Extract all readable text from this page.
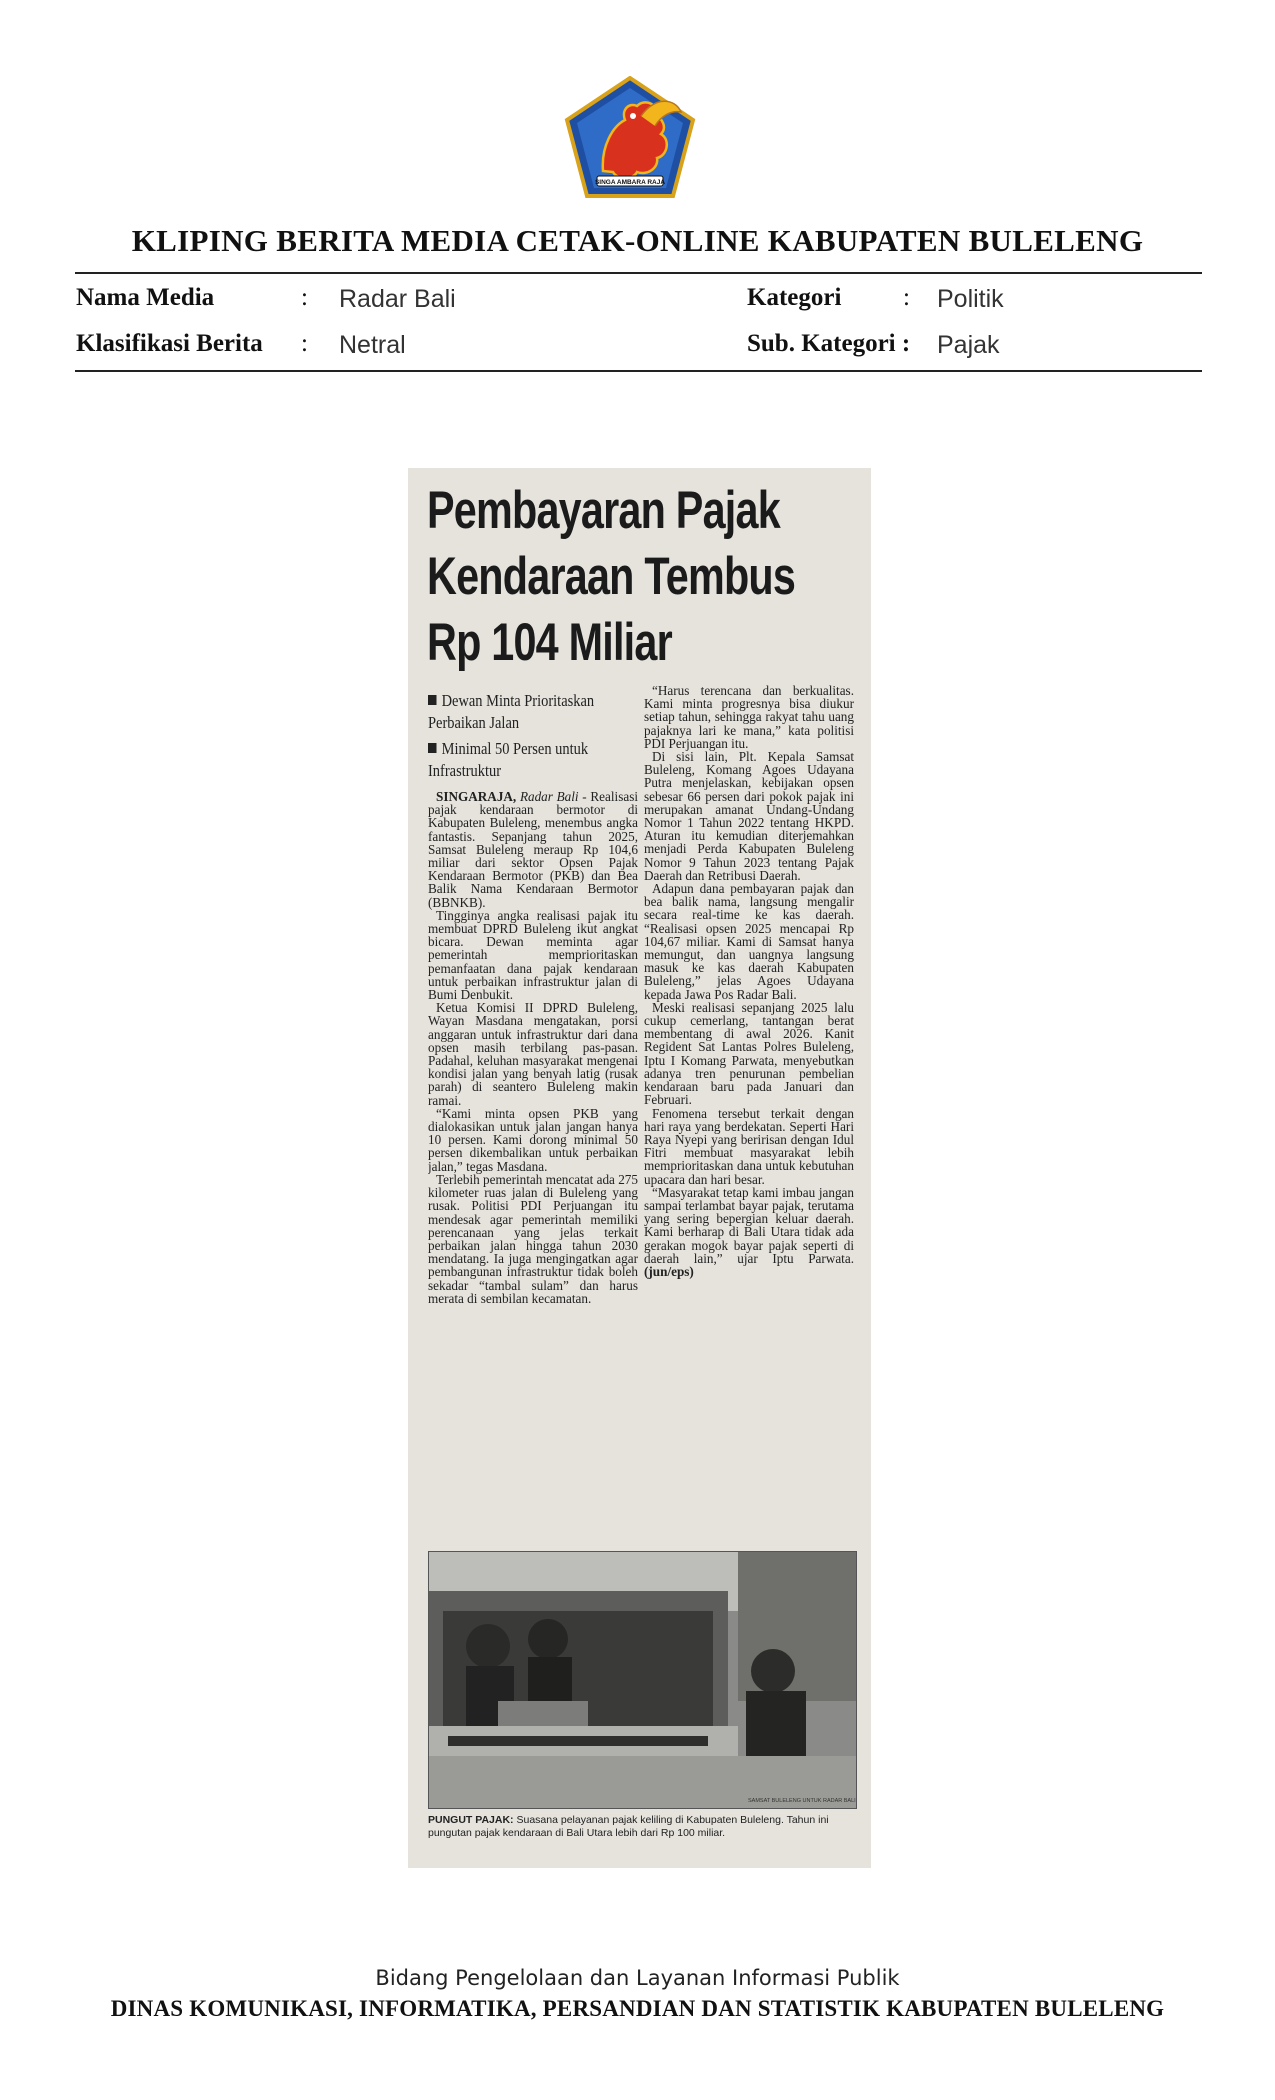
SINGA AMBARA RAJA
KLIPING BERITA MEDIA CETAK-ONLINE KABUPATEN BULELENG
Nama Media	: Radar Bali
Klasifikasi Berita : Netral
Kategori : Politik
Sub. Kategori : Pajak
Pembayaran Pajak
Kendaraan Tembus
Rp 104 Miliar
Dewan Minta Prioritaskan Perbaikan Jalan
Minimal 50 Persen untuk Infrastruktur

SINGARAJA, Radar Bali - Realisasi pajak kendaraan bermotor di Kabupaten Buleleng, menembus angka fantastis. Sepanjang tahun 2025, Samsat Buleleng meraup Rp 104,6 miliar dari sektor Opsen Pajak Kendaraan Bermotor (PKB) dan Bea Balik Nama Kendaraan Bermotor (BBNKB).

Tingginya angka realisasi pajak itu membuat DPRD Buleleng ikut angkat bicara. Dewan meminta agar pemerintah memprioritaskan pemanfaatan dana pajak kendaraan untuk perbaikan infrastruktur jalan di Bumi Denbukit.

Ketua Komisi II DPRD Buleleng, Wayan Masdana mengatakan, porsi anggaran untuk infrastruktur dari dana opsen masih terbilang pas-pasan. Padahal, keluhan masyarakat mengenai kondisi jalan yang benyah latig (rusak parah) di seantero Buleleng makin ramai.

“Kami minta opsen PKB yang dialokasikan untuk jalan jangan hanya 10 persen. Kami dorong minimal 50 persen dikembalikan untuk perbaikan jalan,” tegas Masdana.

Terlebih pemerintah mencatat ada 275 kilometer ruas jalan di Buleleng yang rusak. Politisi PDI Perjuangan itu mendesak agar pemerintah memiliki perencanaan yang jelas terkait perbaikan jalan hingga tahun 2030 mendatang. Ia juga mengingatkan agar pembangunan infrastruktur tidak boleh sekadar “tambal sulam” dan harus merata di sembilan kecamatan.

“Harus terencana dan berkualitas. Kami minta progresnya bisa diukur setiap tahun, sehingga rakyat tahu uang pajaknya lari ke mana,” kata politisi PDI Perjuangan itu.

Di sisi lain, Plt. Kepala Samsat Buleleng, Komang Agoes Udayana Putra menjelaskan, kebijakan opsen sebesar 66 persen dari pokok pajak ini merupakan amanat Undang-Undang Nomor 1 Tahun 2022 tentang HKPD. Aturan itu kemudian diterjemahkan menjadi Perda Kabupaten Buleleng Nomor 9 Tahun 2023 tentang Pajak Daerah dan Retribusi Daerah.

Adapun dana pembayaran pajak dan bea balik nama, langsung mengalir secara real-time ke kas daerah. “Realisasi opsen 2025 mencapai Rp 104,67 miliar. Kami di Samsat hanya memungut, dan uangnya langsung masuk ke kas daerah Kabupaten Buleleng,” jelas Agoes Udayana kepada Jawa Pos Radar Bali.

Meski realisasi sepanjang 2025 lalu cukup cemerlang, tantangan berat membentang di awal 2026. Kanit Regident Sat Lantas Polres Buleleng, Iptu I Komang Parwata, menyebutkan adanya tren penurunan pembelian kendaraan baru pada Januari dan Februari.

Fenomena tersebut terkait dengan hari raya yang berdekatan. Seperti Hari Raya Nyepi yang beririsan dengan Idul Fitri membuat masyarakat lebih memprioritaskan dana untuk kebutuhan upacara dan hari besar.

“Masyarakat tetap kami imbau jangan sampai terlambat bayar pajak, terutama yang sering bepergian keluar daerah. Kami berharap di Bali Utara tidak ada gerakan mogok bayar pajak seperti di daerah lain,” ujar Iptu Parwata. (jun/eps)

SAMSAT BULELENG UNTUK RADAR BALI
PUNGUT PAJAK: Suasana pelayanan pajak keliling di Kabupaten Buleleng. Tahun ini pungutan pajak kendaraan di Bali Utara lebih dari Rp 100 miliar.
Bidang Pengelolaan dan Layanan Informasi Publik
DINAS KOMUNIKASI, INFORMATIKA, PERSANDIAN DAN STATISTIK KABUPATEN BULELENG
